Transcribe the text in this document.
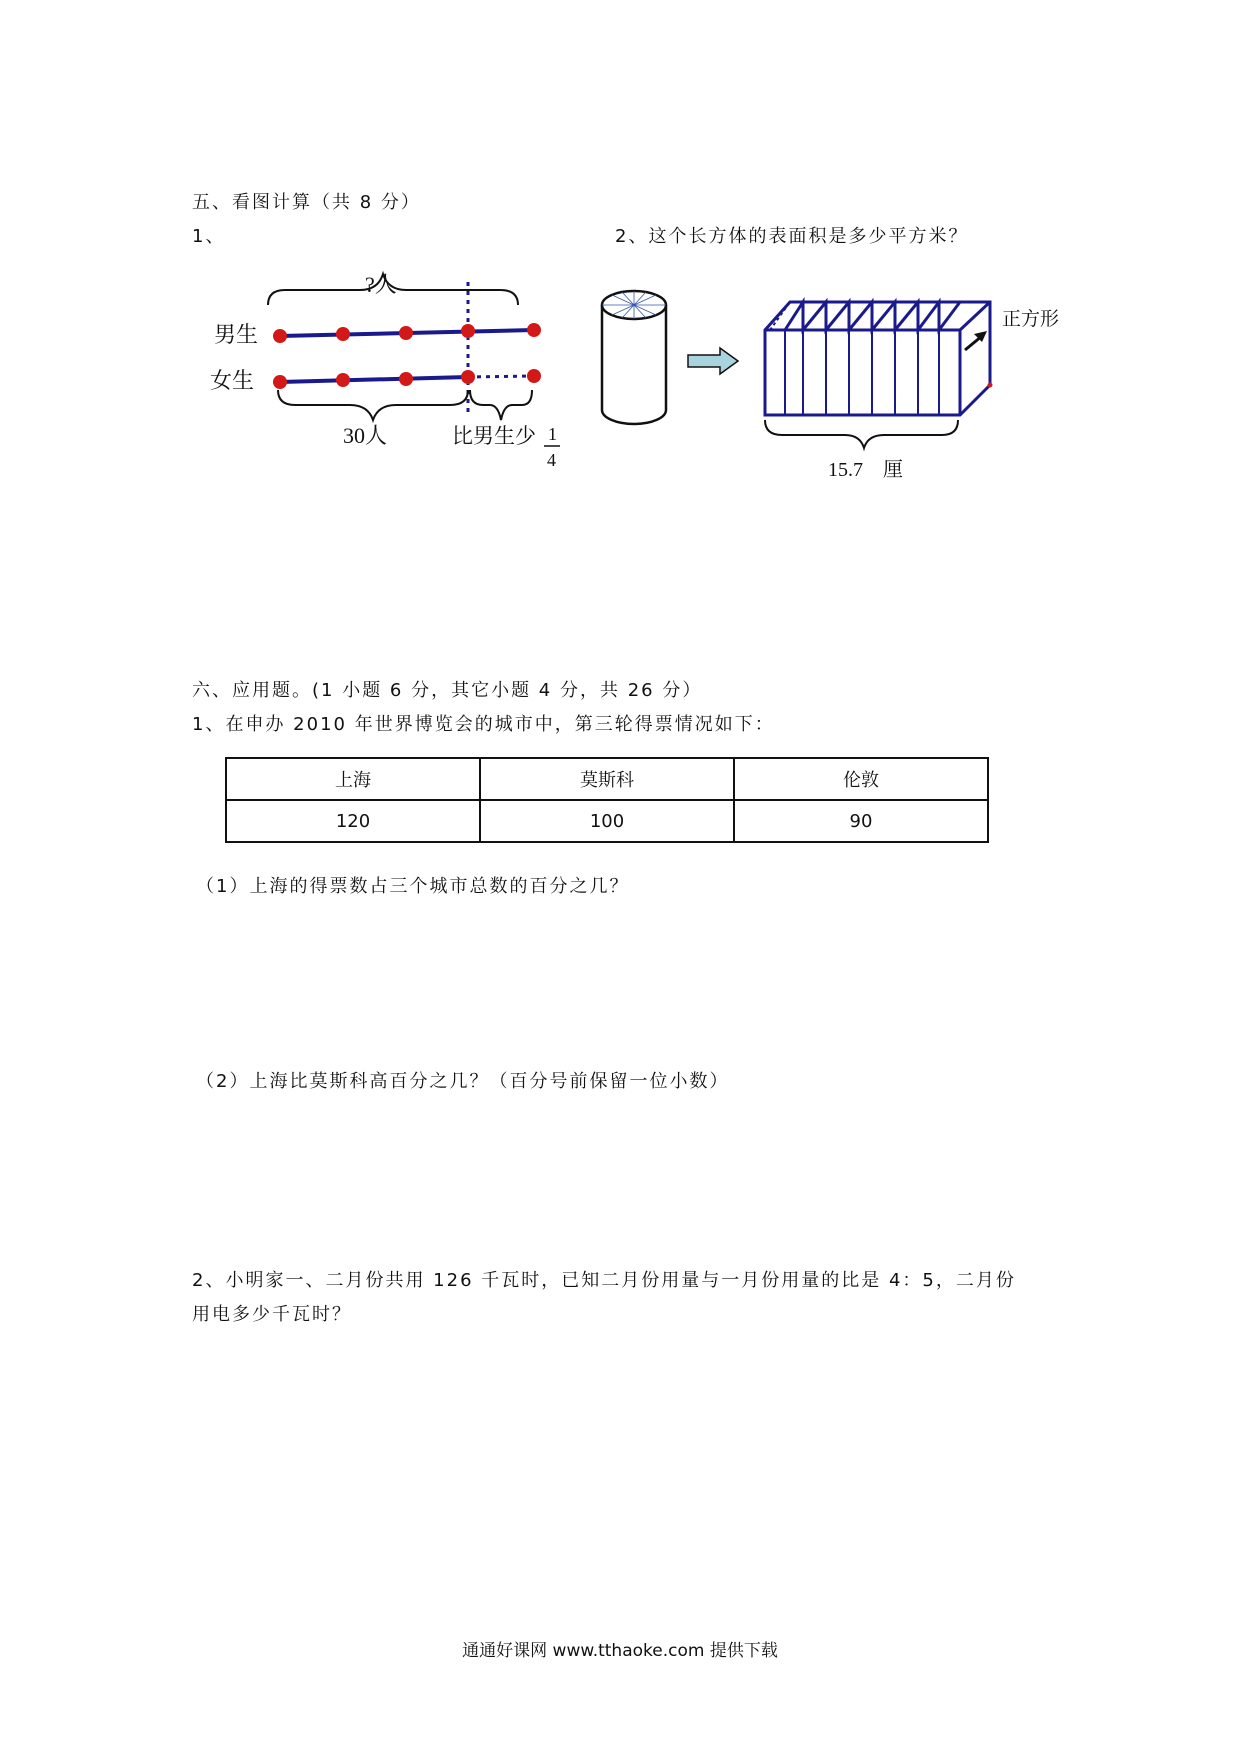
五、看图计算（共 8 分）
1、	2、这个长方体的表面积是多少平方米？
?人
男生
女生
30人	比男生少 1
4
正方形
15.7　厘
六、应用题。(1 小题 6 分，其它小题 4 分，共 26 分）
1、在申办 2010 年世界博览会的城市中，第三轮得票情况如下：
上海	莫斯科	伦敦
120	100	90
（1）上海的得票数占三个城市总数的百分之几？
（2）上海比莫斯科高百分之几？（百分号前保留一位小数）
2、小明家一、二月份共用 126 千瓦时，已知二月份用量与一月份用量的比是 4：5，二月份
用电多少千瓦时？
通通好课网 www.tthaoke.com 提供下载
